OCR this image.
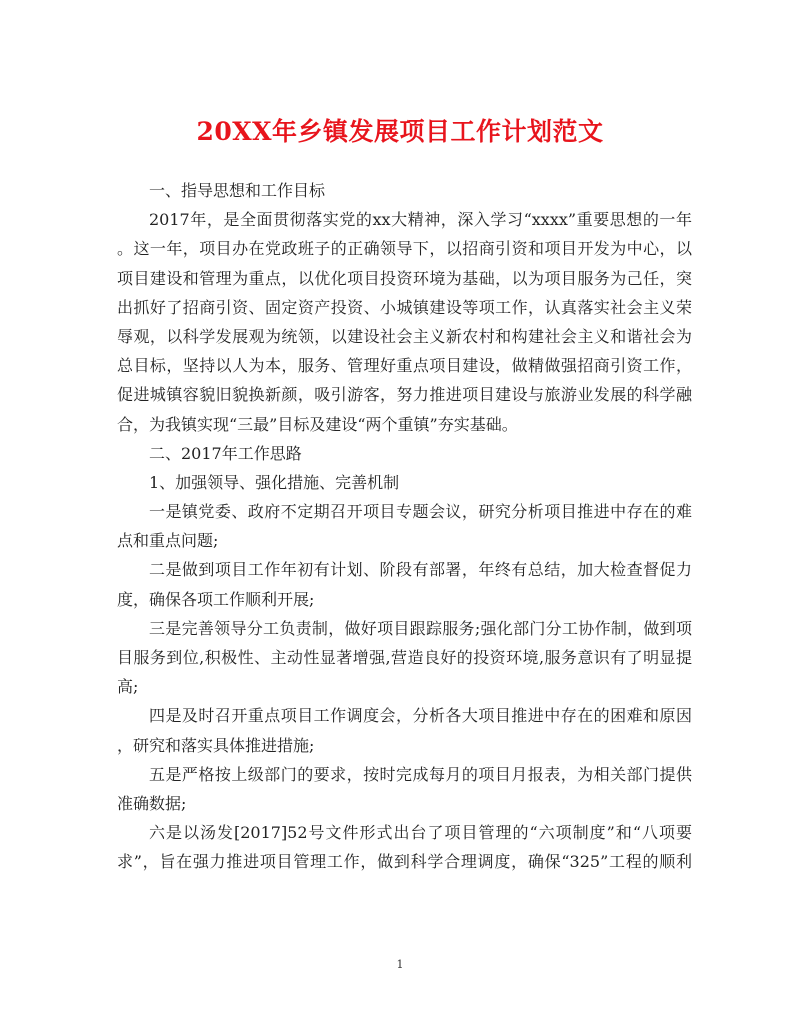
20XX年乡镇发展项目工作计划范文
一、指导思想和工作目标
2017年，是全面贯彻落实党的xx大精神，深入学习“xxxx”重要思想的一年
。这一年，项目办在党政班子的正确领导下，以招商引资和项目开发为中心，以
项目建设和管理为重点，以优化项目投资环境为基础，以为项目服务为己任，突
出抓好了招商引资、固定资产投资、小城镇建设等项工作，认真落实社会主义荣
辱观，以科学发展观为统领，以建设社会主义新农村和构建社会主义和谐社会为
总目标，坚持以人为本，服务、管理好重点项目建设，做精做强招商引资工作，
促进城镇容貌旧貌换新颜，吸引游客，努力推进项目建设与旅游业发展的科学融
合，为我镇实现“三最”目标及建设“两个重镇”夯实基础。
二、2017年工作思路
1、加强领导、强化措施、完善机制
一是镇党委、政府不定期召开项目专题会议，研究分析项目推进中存在的难
点和重点问题;
二是做到项目工作年初有计划、阶段有部署，年终有总结，加大检查督促力
度，确保各项工作顺利开展;
三是完善领导分工负责制，做好项目跟踪服务;强化部门分工协作制，做到项
目服务到位,积极性、主动性显著增强,营造良好的投资环境,服务意识有了明显提
高;
四是及时召开重点项目工作调度会，分析各大项目推进中存在的困难和原因
，研究和落实具体推进措施;
五是严格按上级部门的要求，按时完成每月的项目月报表，为相关部门提供
准确数据;
六是以汤发[2017]52号文件形式出台了项目管理的“六项制度”和“八项要
求”，旨在强力推进项目管理工作，做到科学合理调度，确保“325”工程的顺利
1
